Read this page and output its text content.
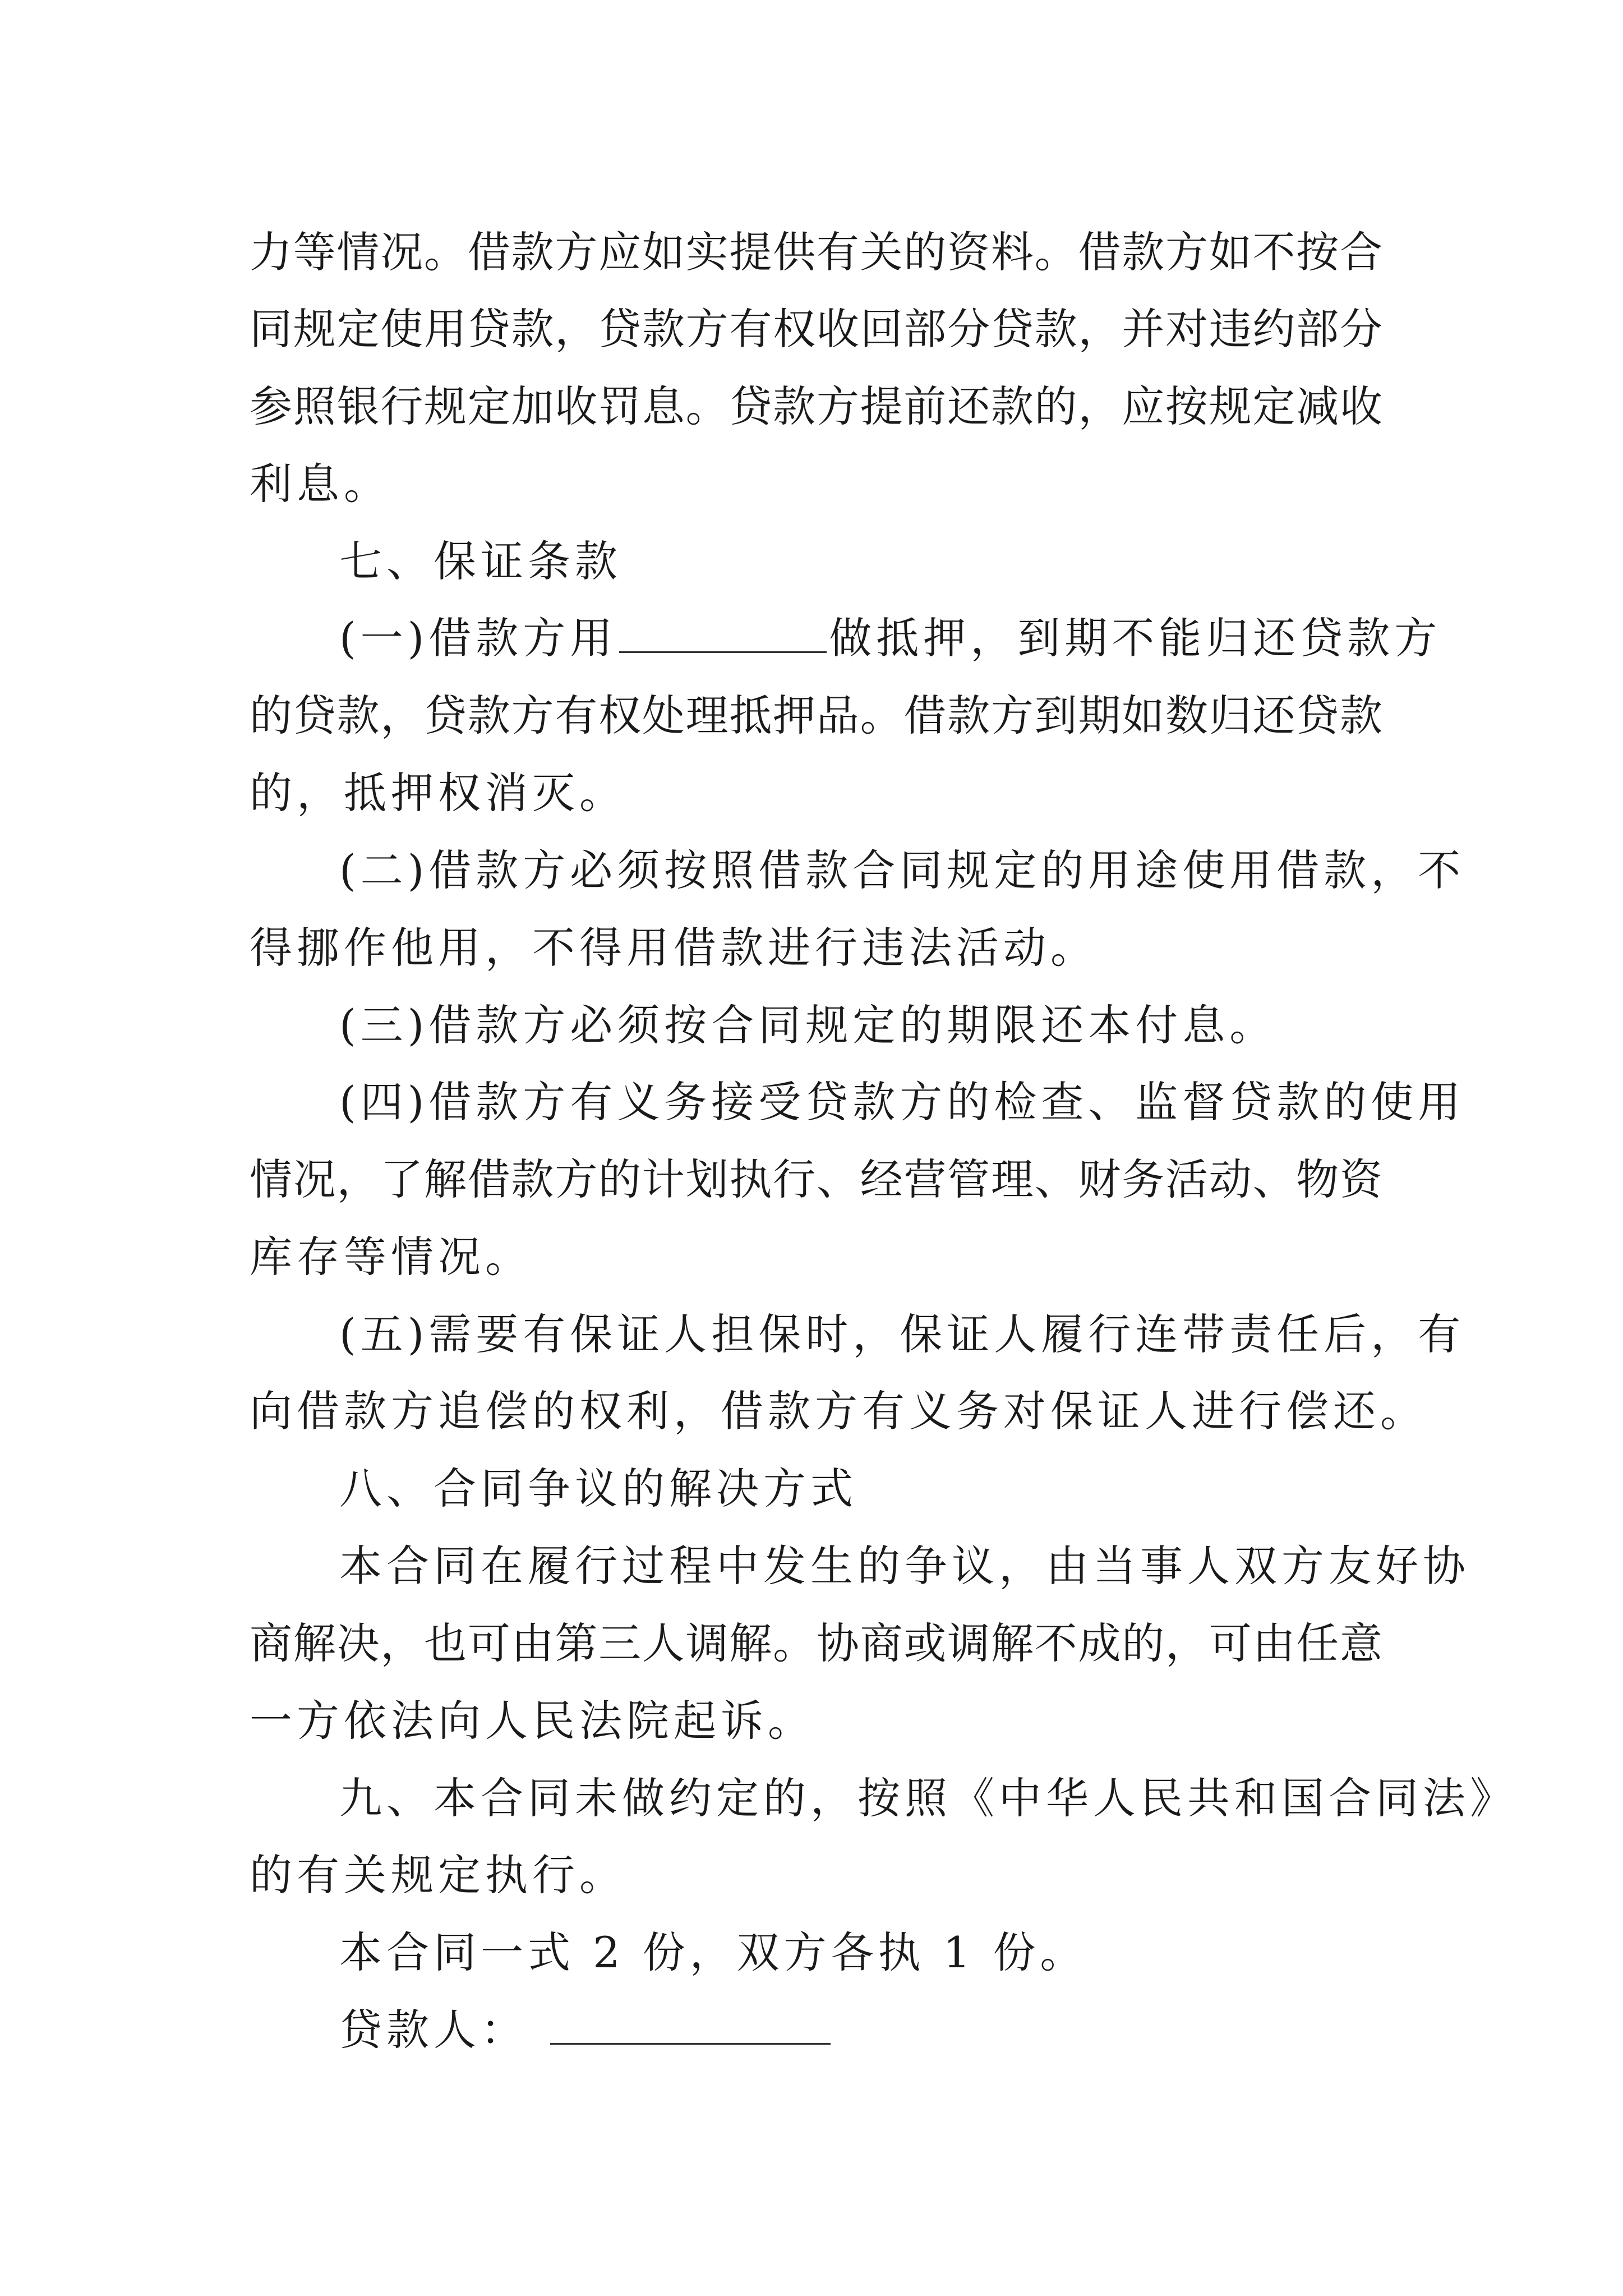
力等情况。借款方应如实提供有关的资料。借款方如不按合
同规定使用贷款，贷款方有权收回部分贷款，并对违约部分
参照银行规定加收罚息。贷款方提前还款的，应按规定减收
利息。
七、保证条款
(一)借款方用	做抵押，到期不能归还贷款方
的贷款，贷款方有权处理抵押品。借款方到期如数归还贷款
的，抵押权消灭。
(二)借款方必须按照借款合同规定的用途使用借款，不
得挪作他用，不得用借款进行违法活动。
(三)借款方必须按合同规定的期限还本付息。
(四)借款方有义务接受贷款方的检查、监督贷款的使用
情况，了解借款方的计划执行、经营管理、财务活动、物资
库存等情况。
(五)需要有保证人担保时，保证人履行连带责任后，有
向借款方追偿的权利，借款方有义务对保证人进行偿还。
八、合同争议的解决方式
本合同在履行过程中发生的争议，由当事人双方友好协
商解决，也可由第三人调解。协商或调解不成的，可由任意
一方依法向人民法院起诉。
九、本合同未做约定的，按照《中华人民共和国合同法》
的有关规定执行。
本合同一式 2 份，双方各执 1 份。
贷款人：
